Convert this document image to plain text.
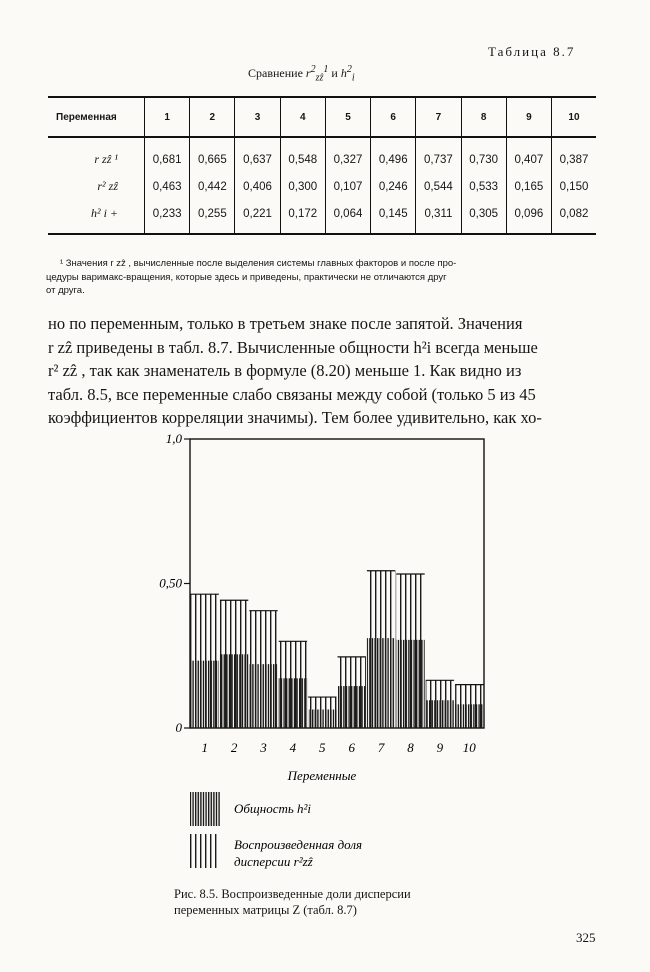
Таблица 8.7
Сравнение $r^2_{zẑ}^1$ и $h^2_i$
Переменная	1	2	3	4	5	6	7	8	9	10
r zẑ ¹	0,681	0,665	0,637	0,548	0,327	0,496	0,737	0,730	0,407	0,387
r² zẑ	0,463	0,442	0,406	0,300	0,107	0,246	0,544	0,533	0,165	0,150
h² i +	0,233	0,255	0,221	0,172	0,064	0,145	0,311	0,305	0,096	0,082
¹ Значения r zẑ , вычисленные после выделения системы главных факторов и после про-
цедуры варимакс-вращения, которые здесь и приведены, практически не отличаются друг
от друга.
но по переменным, только в третьем знаке после запятой. Значения
r zẑ приведены в табл. 8.7. Вычисленные общности h²i всегда меньше
r² zẑ , так как знаменатель в формуле (8.20) меньше 1. Как видно из
табл. 8.5, все переменные слабо связаны между собой (только 5 из 45
коэффициентов корреляции значимы). Тем более удивительно, как хо-
1,0
0,50
0
1 2 3 4 5 6 7 8 9 10
Переменные
Общность h²i
Воспроизведенная доля
дисперсии r²zẑ
Рис. 8.5. Воспроизведенные доли дисперсии
переменных матрицы Z (табл. 8.7)
325
